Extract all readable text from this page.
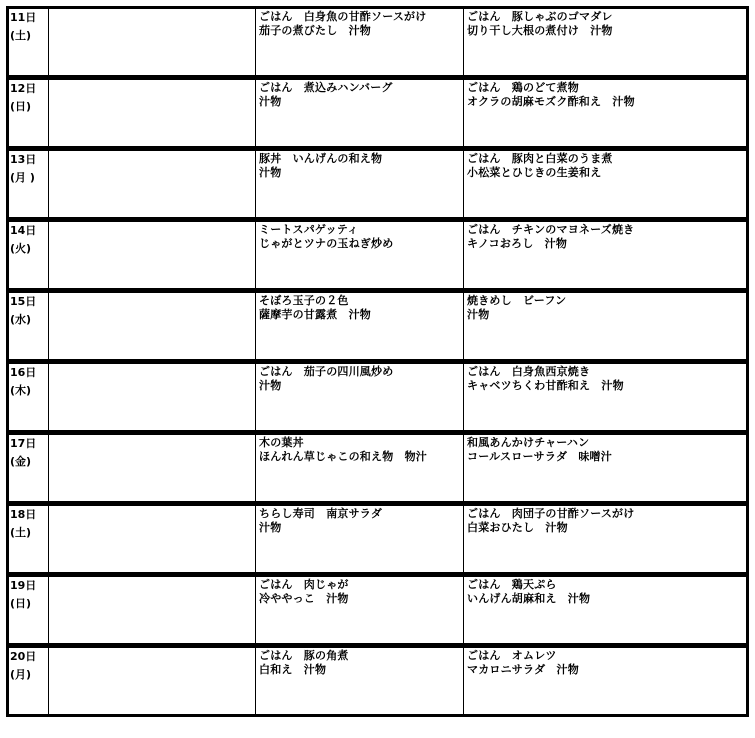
11日
(土)
ごはん　白身魚の甘酢ソースがけ
茄子の煮びたし　汁物
ごはん　豚しゃぶのゴマダレ
切り干し大根の煮付け　汁物
12日
(日)
ごはん　煮込みハンバーグ
汁物
ごはん　鶏のどて煮物
オクラの胡麻モズク酢和え　汁物
13日
(月 )
豚丼　いんげんの和え物
汁物
ごはん　豚肉と白菜のうま煮
小松菜とひじきの生姜和え
14日
(火)
ミートスパゲッティ
じゃがとツナの玉ねぎ炒め
ごはん　チキンのマヨネーズ焼き
キノコおろし　汁物
15日
(水)
そぼろ玉子の２色
薩摩芋の甘露煮　汁物
焼きめし　ビーフン
汁物
16日
(木)
ごはん　茄子の四川風炒め
汁物
ごはん　白身魚西京焼き
キャベツちくわ甘酢和え　汁物
17日
(金)
木の葉丼
ほんれん草じゃこの和え物　物汁
和風あんかけチャーハン
コールスローサラダ　味噌汁
18日
(土)
ちらし寿司　南京サラダ
汁物
ごはん　肉団子の甘酢ソースがけ
白菜おひたし　汁物
19日
(日)
ごはん　肉じゃが
冷ややっこ　汁物
ごはん　鶏天ぷら
いんげん胡麻和え　汁物
20日
(月)
ごはん　豚の角煮
白和え　汁物
ごはん　オムレツ
マカロニサラダ　汁物
